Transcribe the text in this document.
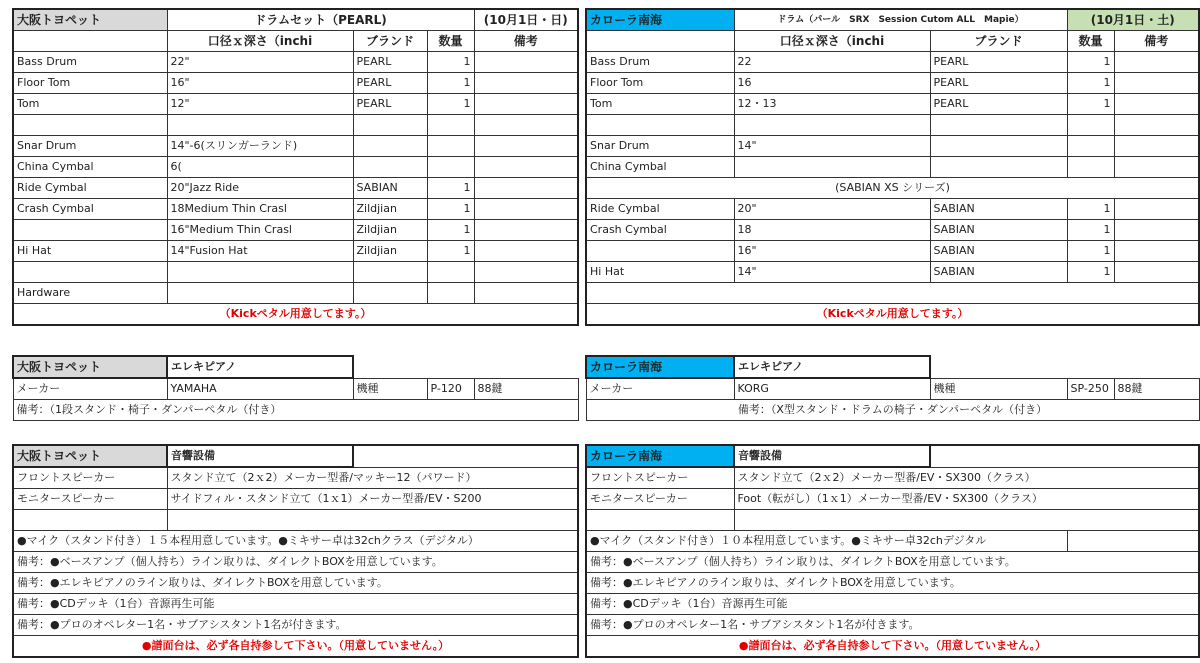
大阪トヨペット	ドラムセット（PEARL)			(10月1日・日)
	口径ｘ深さ（inchi	ブランド	数量	備考
Bass Drum	22"	PEARL	1	
Floor Tom	16"	PEARL	1	
Tom	12"	PEARL	1	

Snar Drum	14"-6(スリンガーランド)			
China Cymbal	6(			
Ride Cymbal	20"Jazz Ride	SABIAN	1	
Crash Cymbal	18Medium Thin Crasl	Zildjian	1	
	16"Medium Thin Crasl	Zildjian	1	
Hi Hat	14"Fusion Hat	Zildjian	1	

Hardware				
（Kickペタル用意してます。）				
カローラ南海	ドラム（パール　SRX　Session Cutom ALL　Mapie）		(10月1日・土)	
	口径ｘ深さ（inchi	ブランド	数量	備考
Bass Drum	22	PEARL	1	
Floor Tom	16	PEARL	1	
Tom	12・13	PEARL	1	

Snar Drum	14"			
China Cymbal				
(SABIAN XS シリーズ)				
Ride Cymbal	20"	SABIAN	1	
Crash Cymbal	18	SABIAN	1	
	16"	SABIAN	1	
Hi Hat	14"	SABIAN	1	

（Kickペタル用意してます。）				
大阪トヨペット	エレキピアノ			
メーカー	YAMAHA	機種	P-120	88鍵
備考：（1段スタンド・椅子・ダンパーペタル（付き）				
カローラ南海	エレキピアノ			
メーカー	KORG	機種	SP-250	88鍵
備考：（X型スタンド・ドラムの椅子・ダンパーペタル（付き）				
大阪トヨペット	音響設備	
フロントスピーカー	スタンド立て（2ｘ2）メーカー型番/マッキー12（パワード）	
モニタースピーカー	サイドフィル・スタンド立て（1ｘ1）メーカー型番/EV・S200	

●マイク（スタンド付き）１５本程用意しています。●ミキサー卓は32chクラス（デジタル）		
備考：●ベースアンプ（個人持ち）ライン取りは、ダイレクトBOXを用意しています。		
備考：●エレキピアノのライン取りは、ダイレクトBOXを用意しています。		
備考：●CDデッキ（1台）音源再生可能		
備考：●プロのオペレター1名・サブアシスタント1名が付きます。		
●譜面台は、必ず各自持参して下さい。（用意していません。）		
カローラ南海	音響設備		
フロントスピーカー	スタンド立て（2ｘ2）メーカー型番/EV・SX300（クラス）		
モニタースピーカー	Foot（転がし）（1ｘ1）メーカー型番/EV・SX300（クラス）		

●マイク（スタンド付き）１０本程用意しています。●ミキサー卓32chデジタル			
備考：●ベースアンプ（個人持ち）ライン取りは、ダイレクトBOXを用意しています。			
備考：●エレキピアノのライン取りは、ダイレクトBOXを用意しています。			
備考：●CDデッキ（1台）音源再生可能			
備考：●プロのオペレター1名・サブアシスタント1名が付きます。			
●譜面台は、必ず各自持参して下さい。（用意していません。）			
